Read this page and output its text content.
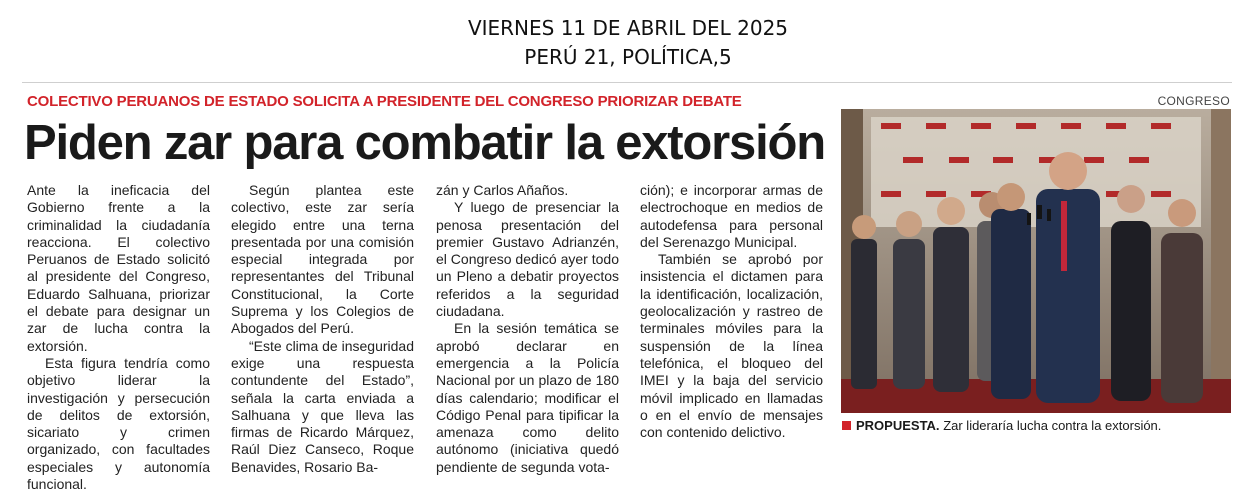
VIERNES 11 DE ABRIL DEL 2025
PERÚ 21, POLÍTICA,5
COLECTIVO PERUANOS DE ESTADO SOLICITA A PRESIDENTE DEL CONGRESO PRIORIZAR DEBATE
Piden zar para combatir la extorsión

Ante la ineficacia del Gobierno frente a la criminalidad la ciudadanía reacciona. El colectivo Peruanos de Estado solicitó al presidente del Congreso, Eduardo Salhuana, priorizar el debate para designar un zar de lucha contra la extorsión.

Esta figura tendría como objetivo liderar la investigación y persecución de delitos de extorsión, sicariato y crimen organizado, con facultades especiales y autonomía funcional.

Según plantea este colectivo, este zar sería elegido entre una terna presentada por una comisión especial integrada por representantes del Tribunal Constitucional, la Corte Suprema y los Colegios de Abogados del Perú.

“Este clima de inseguridad exige una respuesta contundente del Estado”, señala la carta enviada a Salhuana y que lleva las firmas de Ricardo Márquez, Raúl Diez Canseco, Roque Benavides, Rosario Ba-

zán y Carlos Añaños.

Y luego de presenciar la penosa presentación del premier Gustavo Adrianzén, el Congreso dedicó ayer todo un Pleno a debatir proyectos referidos a la seguridad ciudadana.

En la sesión temática se aprobó declarar en emergencia a la Policía Nacional por un plazo de 180 días calendario; modificar el Código Penal para tipificar la amenaza como delito autónomo (iniciativa quedó pendiente de segunda vota-

ción); e incorporar armas de electrochoque en medios de autodefensa para personal del Serenazgo Municipal.

También se aprobó por insistencia el dictamen para la identificación, localización, geolocalización y rastreo de terminales móviles para la suspensión de la línea telefónica, el bloqueo del IMEI y la baja del servicio móvil implicado en llamadas o en el envío de mensajes con contenido delictivo.

CONGRESO
PROPUESTA. Zar lideraría lucha contra la extorsión.
